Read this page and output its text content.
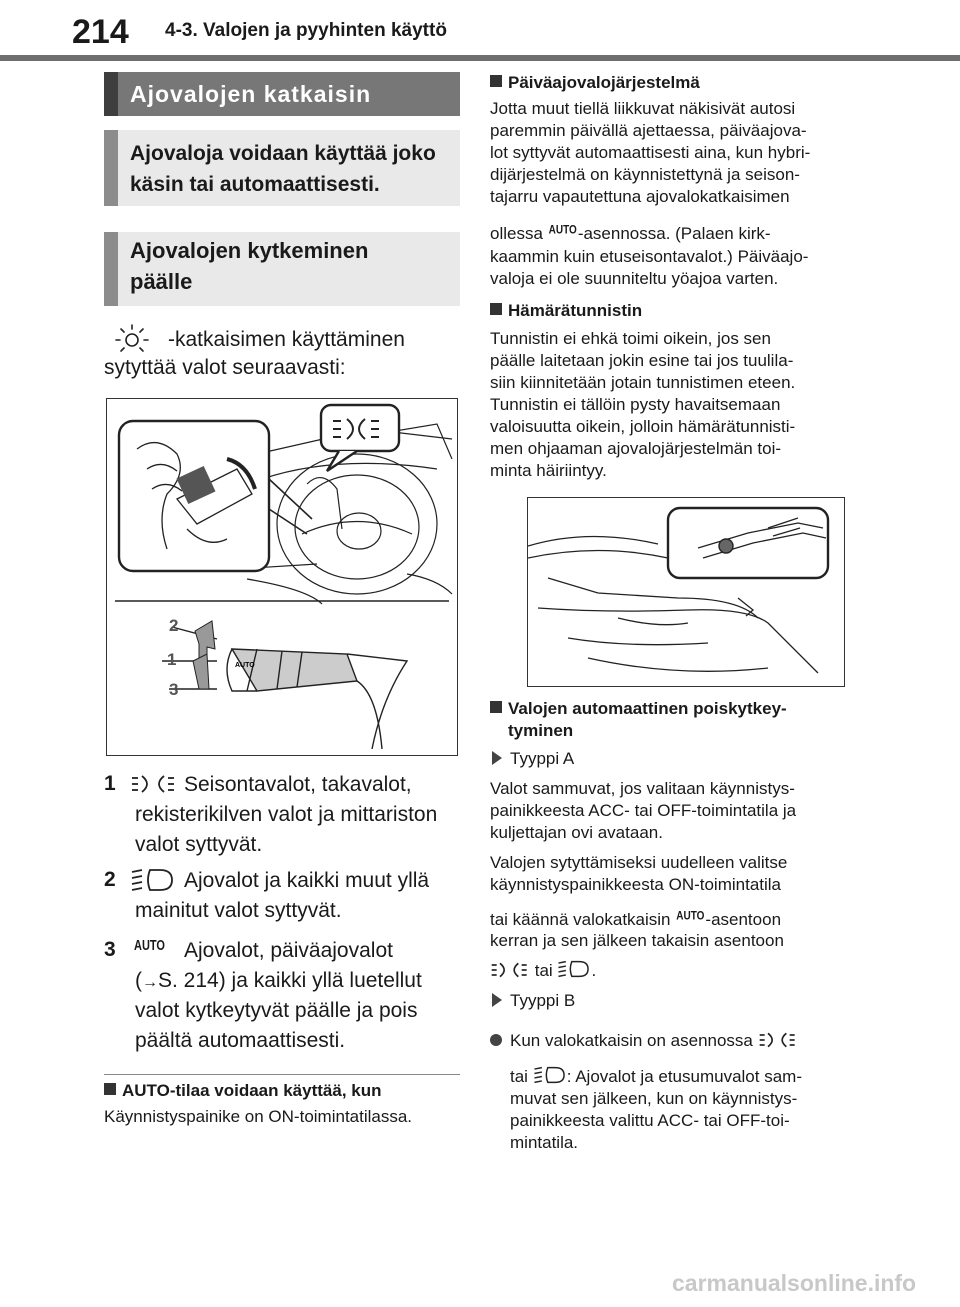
214 4-3. Valojen ja pyyhinten käyttö
Ajovalojen katkaisin
Ajovaloja voidaan käyttää joko käsin tai automaattisesti.
Ajovalojen kytkeminen
päälle
-katkaisimen käyttäminen
sytyttää valot seuraavasti:
AUTO
2
1
3
1	Seisontavalot, takavalot,
rekisterikilven valot ja mittariston
valot syttyvät.
2	Ajovalot ja kaikki muut yllä
mainitut valot syttyvät.
3 AUTO Ajovalot, päiväajovalot
(→S. 214) ja kaikki yllä luetellut
valot kytkeytyvät päälle ja pois
päältä automaattisesti.
AUTO-tilaa voidaan käyttää, kun
Käynnistyspainike on ON-toimintatilassa.
Päiväajovalojärjestelmä
Jotta muut tiellä liikkuvat näkisivät autosi
paremmin päivällä ajettaessa, päiväajova-
lot syttyvät automaattisesti aina, kun hybri-
dijärjestelmä on käynnistettynä ja seison-
tajarru vapautettuna ajovalokatkaisimen
ollessa AUTO-asennossa. (Palaen kirk-
kaammin kuin etuseisontavalot.) Päiväajo-
valoja ei ole suunniteltu yöajoa varten.
Hämärätunnistin
Tunnistin ei ehkä toimi oikein, jos sen
päälle laitetaan jokin esine tai jos tuulila-
siin kiinnitetään jotain tunnistimen eteen.
Tunnistin ei tällöin pysty havaitsemaan
valoisuutta oikein, jolloin hämärätunnisti-
men ohjaaman ajovalojärjestelmän toi-
minta häiriintyy.
Valojen automaattinen poiskytkey-
tyminen
Tyyppi A
Valot sammuvat, jos valitaan käynnistys-
painikkeesta ACC- tai OFF-toimintatila ja
kuljettajan ovi avataan.
Valojen sytyttämiseksi uudelleen valitse
käynnistyspainikkeesta ON-toimintatila
tai käännä valokatkaisin AUTO-asentoon
kerran ja sen jälkeen takaisin asentoon
tai .
Tyyppi B
Kun valokatkaisin on asennossa
tai : Ajovalot ja etusumuvalot sam-
muvat sen jälkeen, kun on käynnistys-
painikkeesta valittu ACC- tai OFF-toi-
mintatila.
carmanualsonline.info
